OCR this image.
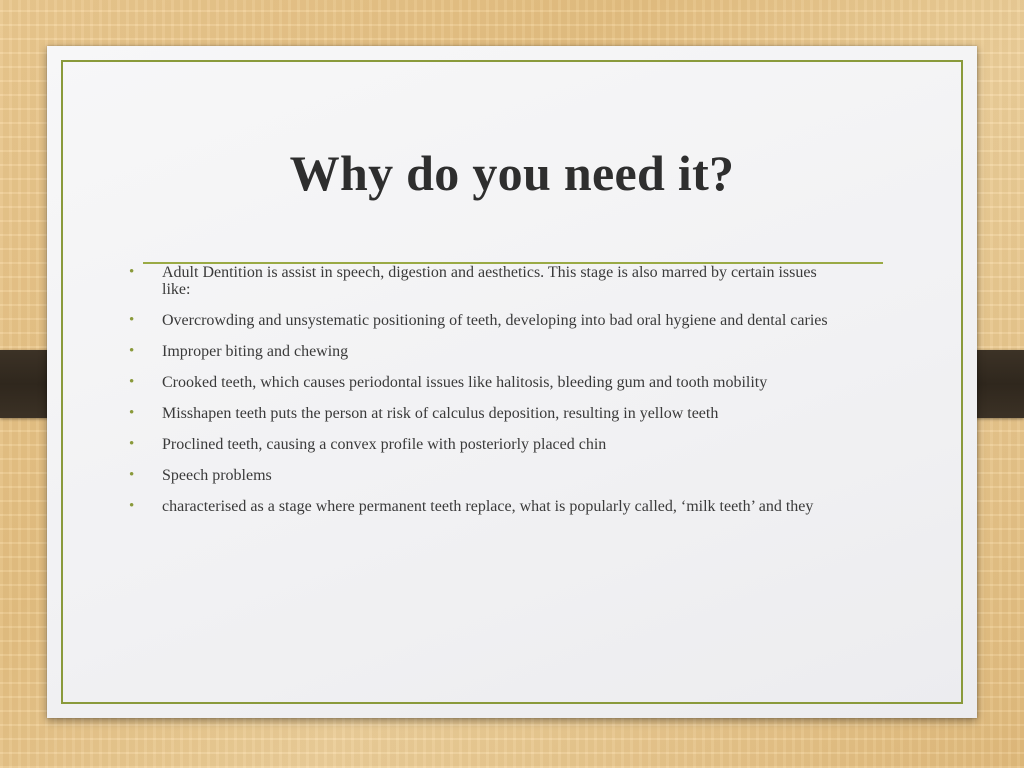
Why do you need it?
• Adult Dentition is assist in speech, digestion and aesthetics. This stage is also marred by certain issues like:
• Overcrowding and unsystematic positioning of teeth, developing into bad oral hygiene and dental caries
• Improper biting and chewing
• Crooked teeth, which causes periodontal issues like halitosis, bleeding gum and tooth mobility
• Misshapen teeth puts the person at risk of calculus deposition, resulting in yellow teeth
• Proclined teeth, causing a convex profile with posteriorly placed chin
• Speech problems
• characterised as a stage where permanent teeth replace, what is popularly called, ‘milk teeth’ and they
